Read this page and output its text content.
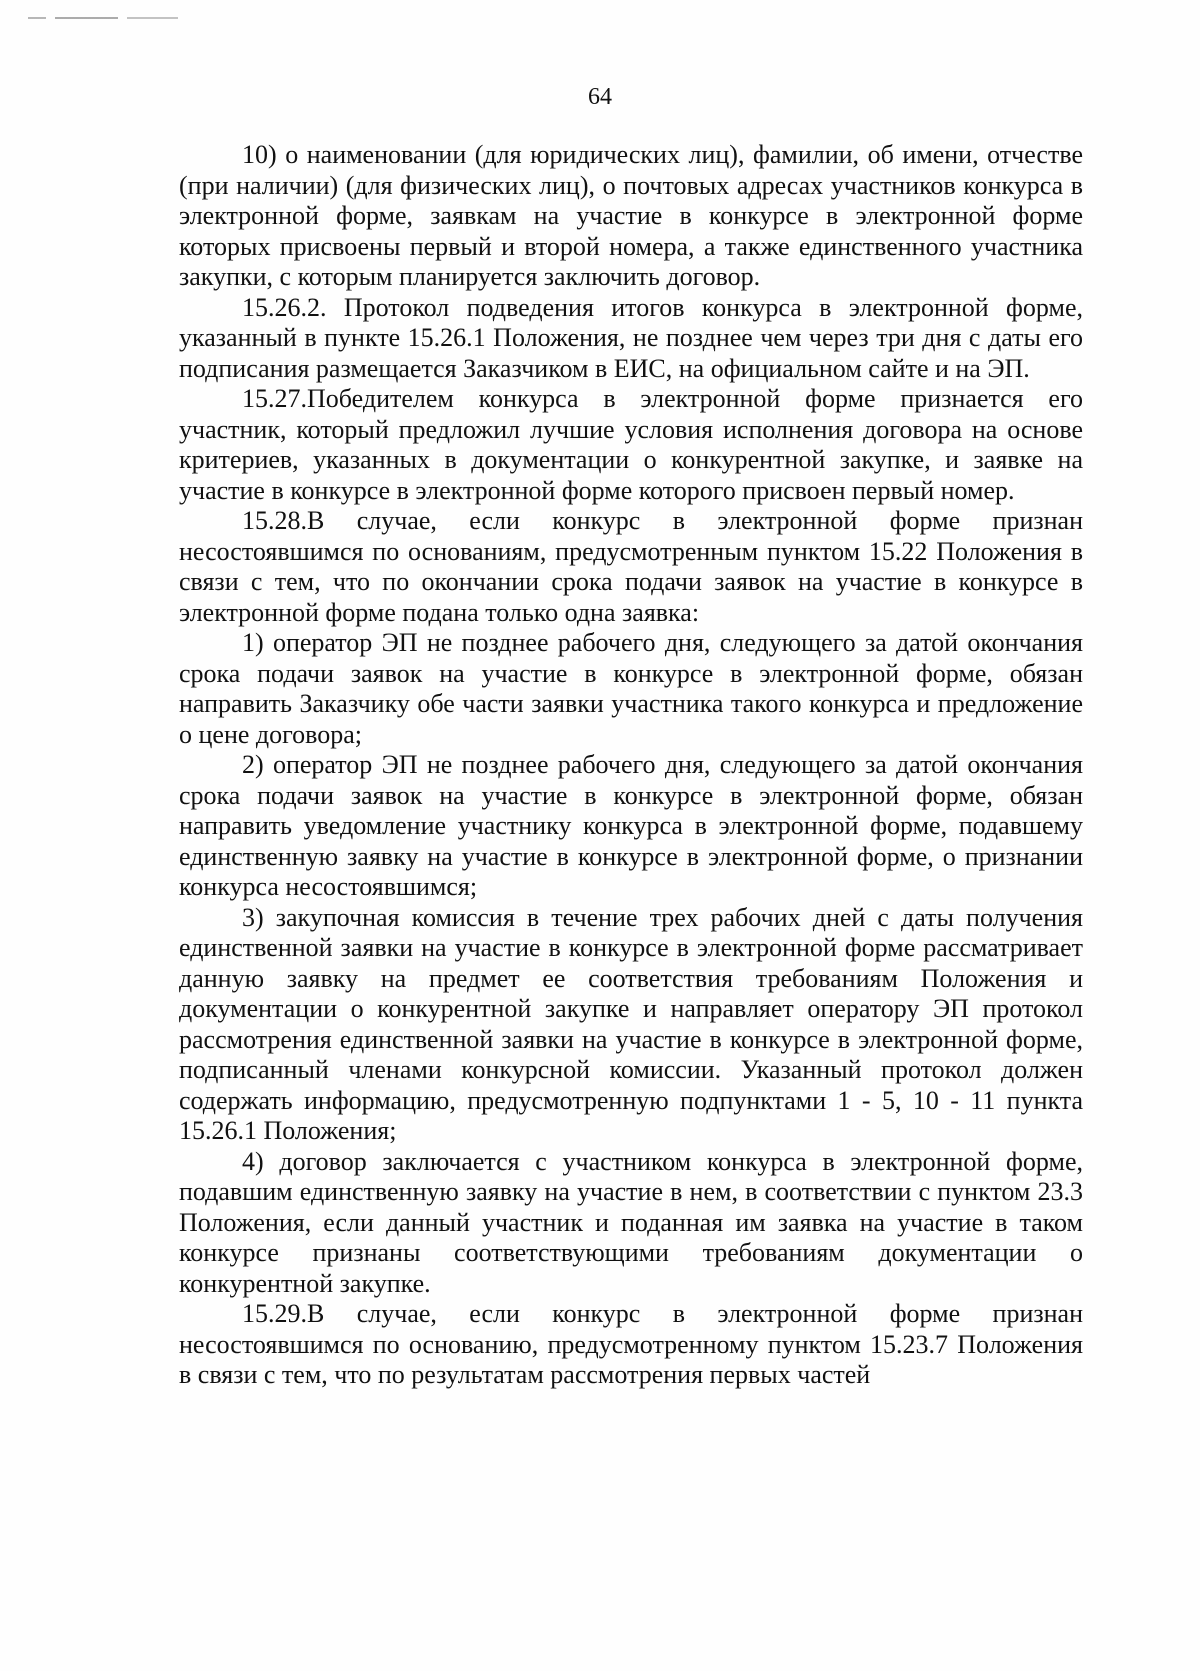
64

10) о наименовании (для юридических лиц), фамилии, об имени, отчестве (при наличии) (для физических лиц), о почтовых адресах участников конкурса в электронной форме, заявкам на участие в конкурсе в электронной форме которых присвоены первый и второй номера, а также единственного участника закупки, с которым планируется заключить договор.

15.26.2. Протокол подведения итогов конкурса в электронной форме, указанный в пункте 15.26.1 Положения, не позднее чем через три дня с даты его подписания размещается Заказчиком в ЕИС, на официальном сайте и на ЭП.

15.27.Победителем конкурса в электронной форме признается его участник, который предложил лучшие условия исполнения договора на основе критериев, указанных в документации о конкурентной закупке, и заявке на участие в конкурсе в электронной форме которого присвоен первый номер.

15.28.В случае, если конкурс в электронной форме признан несостоявшимся по основаниям, предусмотренным пунктом 15.22 Положения в связи с тем, что по окончании срока подачи заявок на участие в конкурсе в электронной форме подана только одна заявка:

1) оператор ЭП не позднее рабочего дня, следующего за датой окончания срока подачи заявок на участие в конкурсе в электронной форме, обязан направить Заказчику обе части заявки участника такого конкурса и предложение о цене договора;

2) оператор ЭП не позднее рабочего дня, следующего за датой окончания срока подачи заявок на участие в конкурсе в электронной форме, обязан направить уведомление участнику конкурса в электронной форме, подавшему единственную заявку на участие в конкурсе в электронной форме, о признании конкурса несостоявшимся;

3) закупочная комиссия в течение трех рабочих дней с даты получения единственной заявки на участие в конкурсе в электронной форме рассматривает данную заявку на предмет ее соответствия требованиям Положения и документации о конкурентной закупке и направляет оператору ЭП протокол рассмотрения единственной заявки на участие в конкурсе в электронной форме, подписанный членами конкурсной комиссии. Указанный протокол должен содержать информацию, предусмотренную подпунктами 1 - 5, 10 - 11 пункта 15.26.1 Положения;

4) договор заключается с участником конкурса в электронной форме, подавшим единственную заявку на участие в нем, в соответствии с пунктом 23.3 Положения, если данный участник и поданная им заявка на участие в таком конкурсе признаны соответствующими требованиям документации о конкурентной закупке.

15.29.В случае, если конкурс в электронной форме признан несостоявшимся по основанию, предусмотренному пунктом 15.23.7 Положения в связи с тем, что по результатам рассмотрения первых частей
